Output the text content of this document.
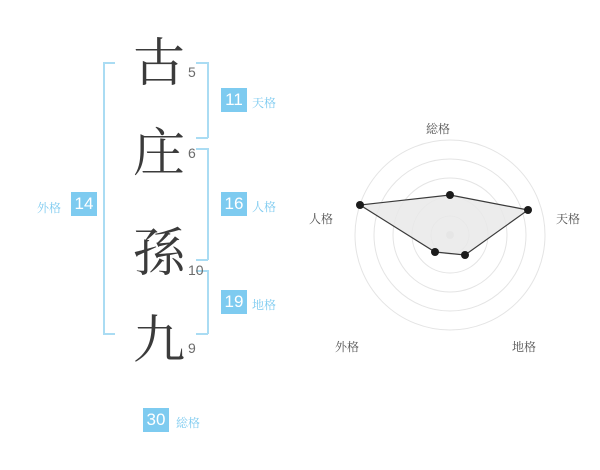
古 5
庄 6
孫 10
九 9
11 天格
16 人格
19 地格
外格 14
30 総格
総格
天格
地格
外格
人格
